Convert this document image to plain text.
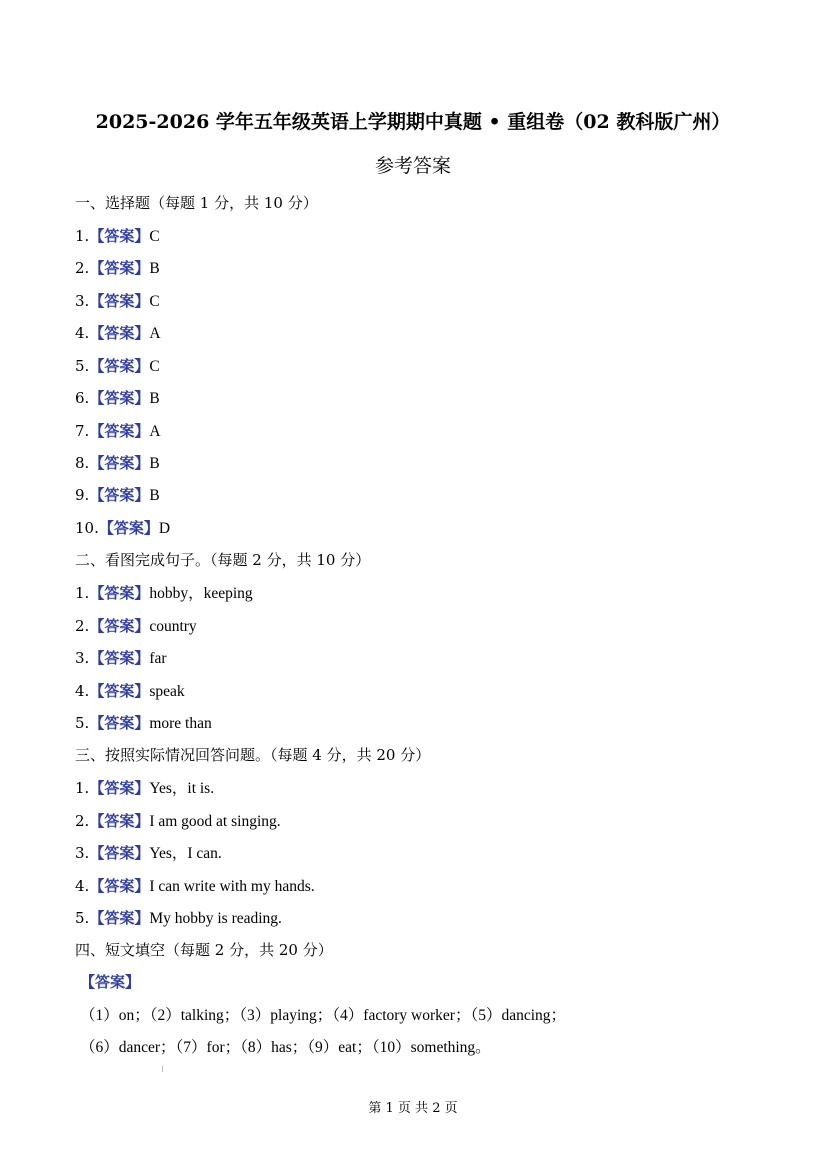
2025-2026 学年五年级英语上学期期中真题 • 重组卷（02 教科版广州）
参考答案
一、选择题（每题 1 分，共 10 分）
1.【答案】C
2.【答案】B
3.【答案】C
4.【答案】A
5.【答案】C
6.【答案】B
7.【答案】A
8.【答案】B
9.【答案】B
10.【答案】D
二、看图完成句子。（每题 2 分，共 10 分）
1.【答案】hobby，keeping
2.【答案】country
3.【答案】far
4.【答案】speak
5.【答案】more than
三、按照实际情况回答问题。（每题 4 分，共 20 分）
1.【答案】Yes，it is.
2.【答案】I am good at singing.
3.【答案】Yes，I can.
4.【答案】I can write with my hands.
5.【答案】My hobby is reading.
四、短文填空（每题 2 分，共 20 分）
【答案】
（1）on；（2）talking；（3）playing；（4）factory worker；（5）dancing；
（6）dancer；（7）for；（8）has；（9）eat；（10）something。
第 1 页 共 2 页
